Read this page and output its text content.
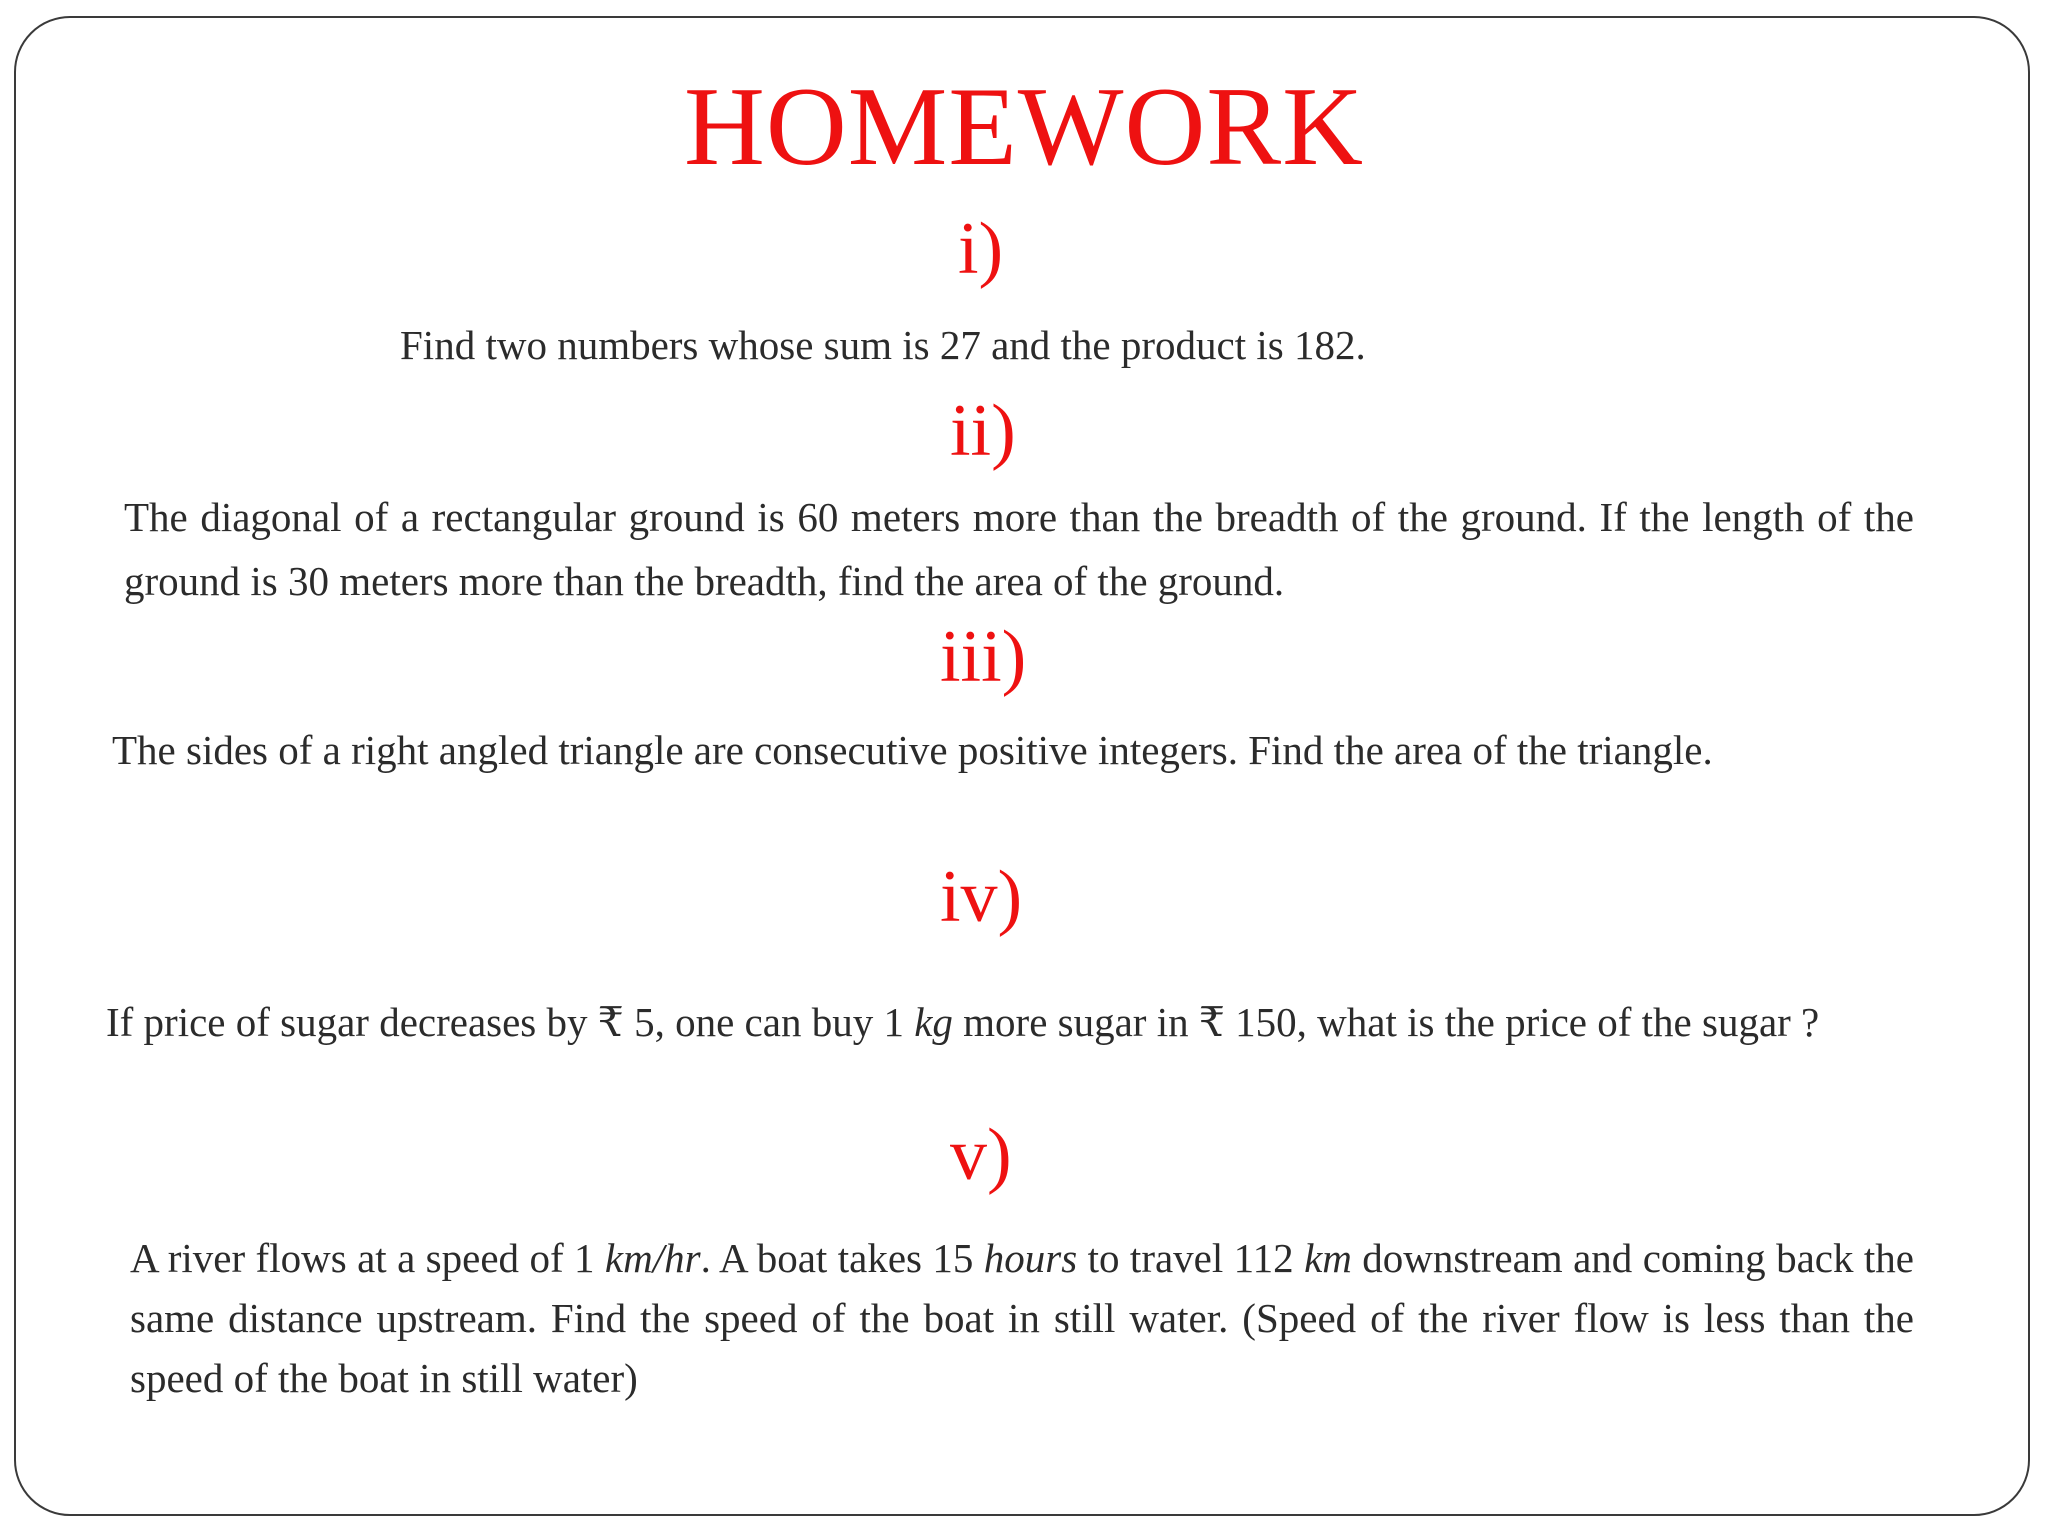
HOMEWORK
i)
Find two numbers whose sum is 27 and the product is 182.
ii)
The diagonal of a rectangular ground is 60 meters more than the breadth of the ground. If the length of the ground is 30 meters more than the breadth, find the area of the ground.
iii)
The sides of a right angled triangle are consecutive positive integers. Find the area of the triangle.
iv)
If price of sugar decreases by ₹ 5, one can buy 1 kg more sugar in ₹ 150, what is the price of the sugar ?
v)
A river flows at a speed of 1 km/hr. A boat takes 15 hours to travel 112 km downstream and coming back the same distance upstream. Find the speed of the boat in still water. (Speed of the river flow is less than the speed of the boat in still water)
